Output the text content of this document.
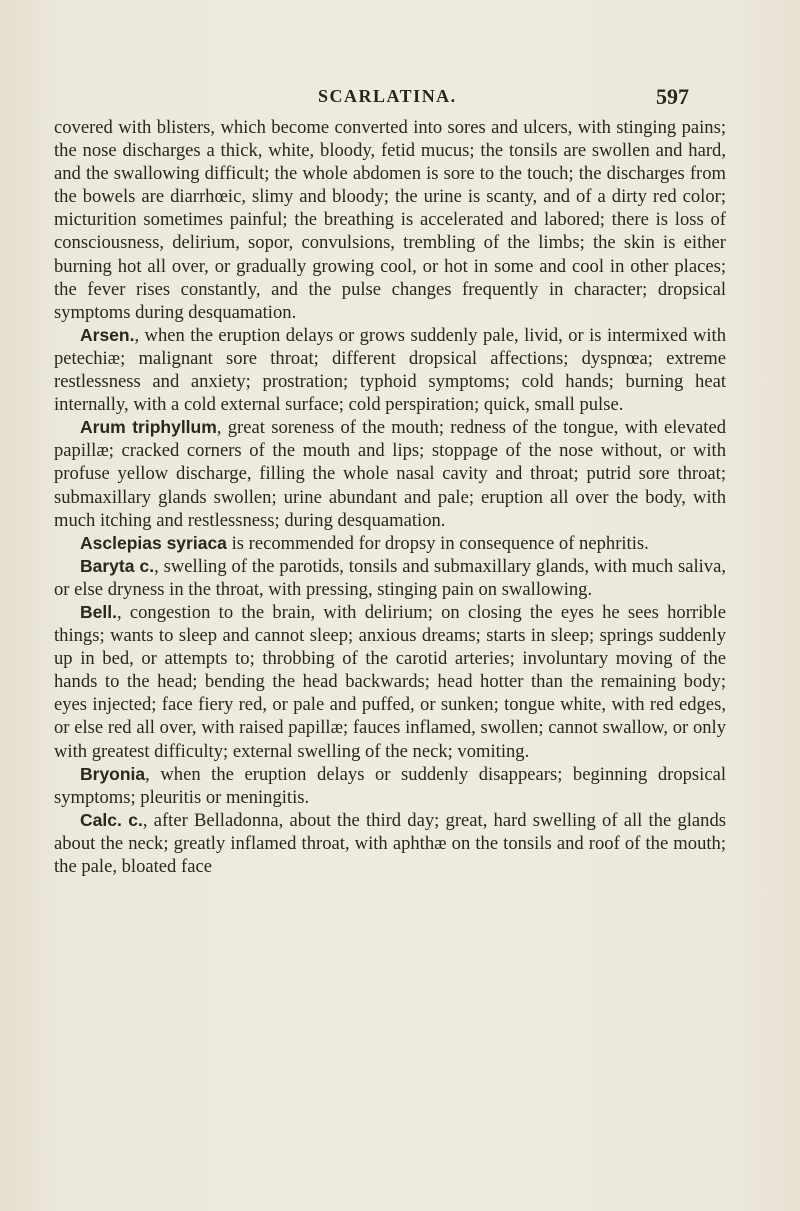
SCARLATINA.	597

covered with blisters, which become converted into sores and ulcers, with stinging pains; the nose discharges a thick, white, bloody, fetid mucus; the tonsils are swollen and hard, and the swallowing difficult; the whole abdomen is sore to the touch; the discharges from the bowels are diarrhœic, slimy and bloody; the urine is scanty, and of a dirty red color; micturition sometimes painful; the breathing is accelerated and labored; there is loss of consciousness, delirium, sopor, convulsions, trembling of the limbs; the skin is either burning hot all over, or gradually growing cool, or hot in some and cool in other places; the fever rises constantly, and the pulse changes frequently in character; dropsical symptoms during desquamation.

Arsen., when the eruption delays or grows suddenly pale, livid, or is intermixed with petechiæ; malignant sore throat; different dropsical affections; dyspnœa; extreme restlessness and anxiety; prostration; typhoid symptoms; cold hands; burning heat internally, with a cold external surface; cold perspiration; quick, small pulse.

Arum triphyllum, great soreness of the mouth; redness of the tongue, with elevated papillæ; cracked corners of the mouth and lips; stoppage of the nose without, or with profuse yellow discharge, filling the whole nasal cavity and throat; putrid sore throat; submaxillary glands swollen; urine abundant and pale; eruption all over the body, with much itching and restlessness; during desquamation.

Asclepias syriaca is recommended for dropsy in consequence of nephritis.

Baryta c., swelling of the parotids, tonsils and submaxillary glands, with much saliva, or else dryness in the throat, with pressing, stinging pain on swallowing.

Bell., congestion to the brain, with delirium; on closing the eyes he sees horrible things; wants to sleep and cannot sleep; anxious dreams; starts in sleep; springs suddenly up in bed, or attempts to; throbbing of the carotid arteries; involuntary moving of the hands to the head; bending the head backwards; head hotter than the remaining body; eyes injected; face fiery red, or pale and puffed, or sunken; tongue white, with red edges, or else red all over, with raised papillæ; fauces inflamed, swollen; cannot swallow, or only with greatest difficulty; external swelling of the neck; vomiting.

Bryonia, when the eruption delays or suddenly disappears; beginning dropsical symptoms; pleuritis or meningitis.

Calc. c., after Belladonna, about the third day; great, hard swelling of all the glands about the neck; greatly inflamed throat, with aphthæ on the tonsils and roof of the mouth; the pale, bloated face
